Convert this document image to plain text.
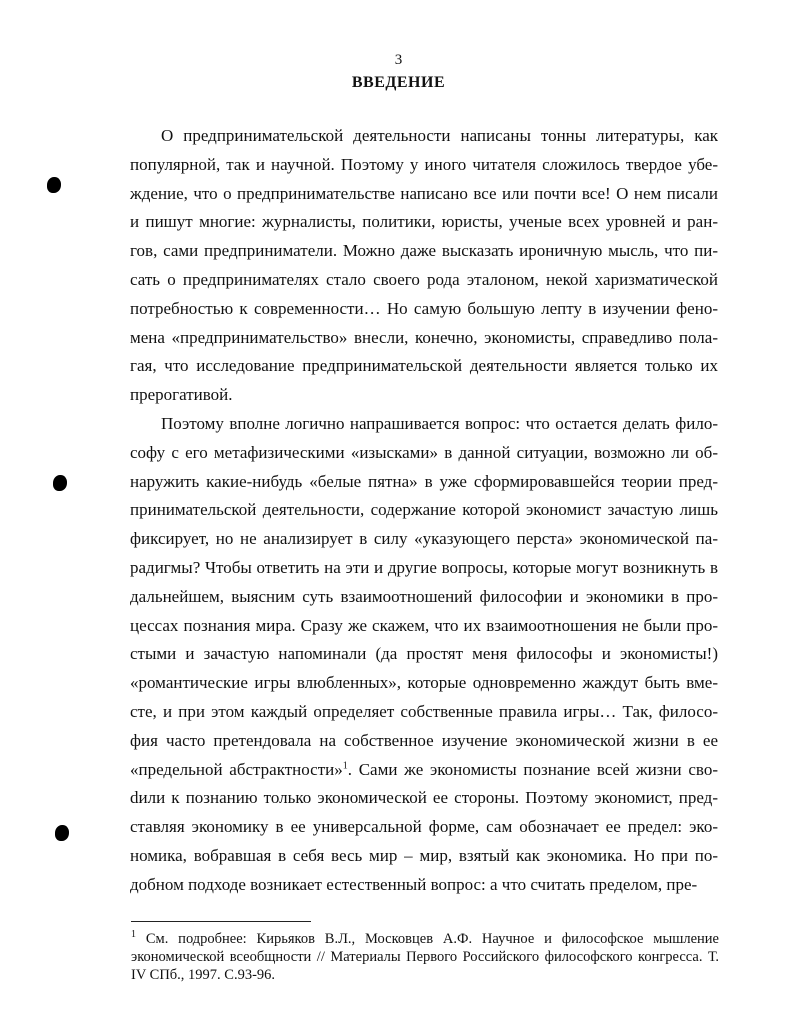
3
ВВЕДЕНИЕ

О предпринимательской деятельности написаны тонны литературы, как популярной, так и научной. Поэтому у иного читателя сложилось твердое убеждение, что о предпринимательстве написано все или почти все! О нем писали и пишут многие: журналисты, политики, юристы, ученые всех уровней и рангов, сами предприниматели. Можно даже высказать ироничную мысль, что писать о предпринимателях стало своего рода эталоном, некой харизматической потребностью к современности… Но самую большую лепту в изучении феномена «предпринимательство» внесли, конечно, экономисты, справедливо полагая, что исследование предпринимательской деятельности является только их прерогативой.

Поэтому вполне логично напрашивается вопрос: что остается делать философу с его метафизическими «изысками» в данной ситуации, возможно ли обнаружить какие-нибудь «белые пятна» в уже сформировавшейся теории предпринимательской деятельности, содержание которой экономист зачастую лишь фиксирует, но не анализирует в силу «указующего перста» экономической парадигмы? Чтобы ответить на эти и другие вопросы, которые могут возникнуть в дальнейшем, выясним суть взаимоотношений философии и экономики в процессах познания мира. Сразу же скажем, что их взаимоотношения не были простыми и зачастую напоминали (да простят меня философы и экономисты!) «романтические игры влюбленных», которые одновременно жаждут быть вместе, и при этом каждый определяет собственные правила игры… Так, философия часто претендовала на собственное изучение экономической жизни в ее «предельной абстрактности»$^1$. Сами же экономисты познание всей жизни своdили к познанию только экономической ее стороны. Поэтому экономист, представляя экономику в ее универсальной форме, сам обозначает ее предел: экономика, вобравшая в себя весь мир – мир, взятый как экономика. Но при подобном подходе возникает естественный вопрос: а что считать пределом, пре-

$^1$ См. подробнее: Кирьяков В.Л., Московцев А.Ф. Научное и философское мышление экономической всеобщности // Материалы Первого Российского философского конгресса. Т. IV СПб., 1997. С.93-96.
